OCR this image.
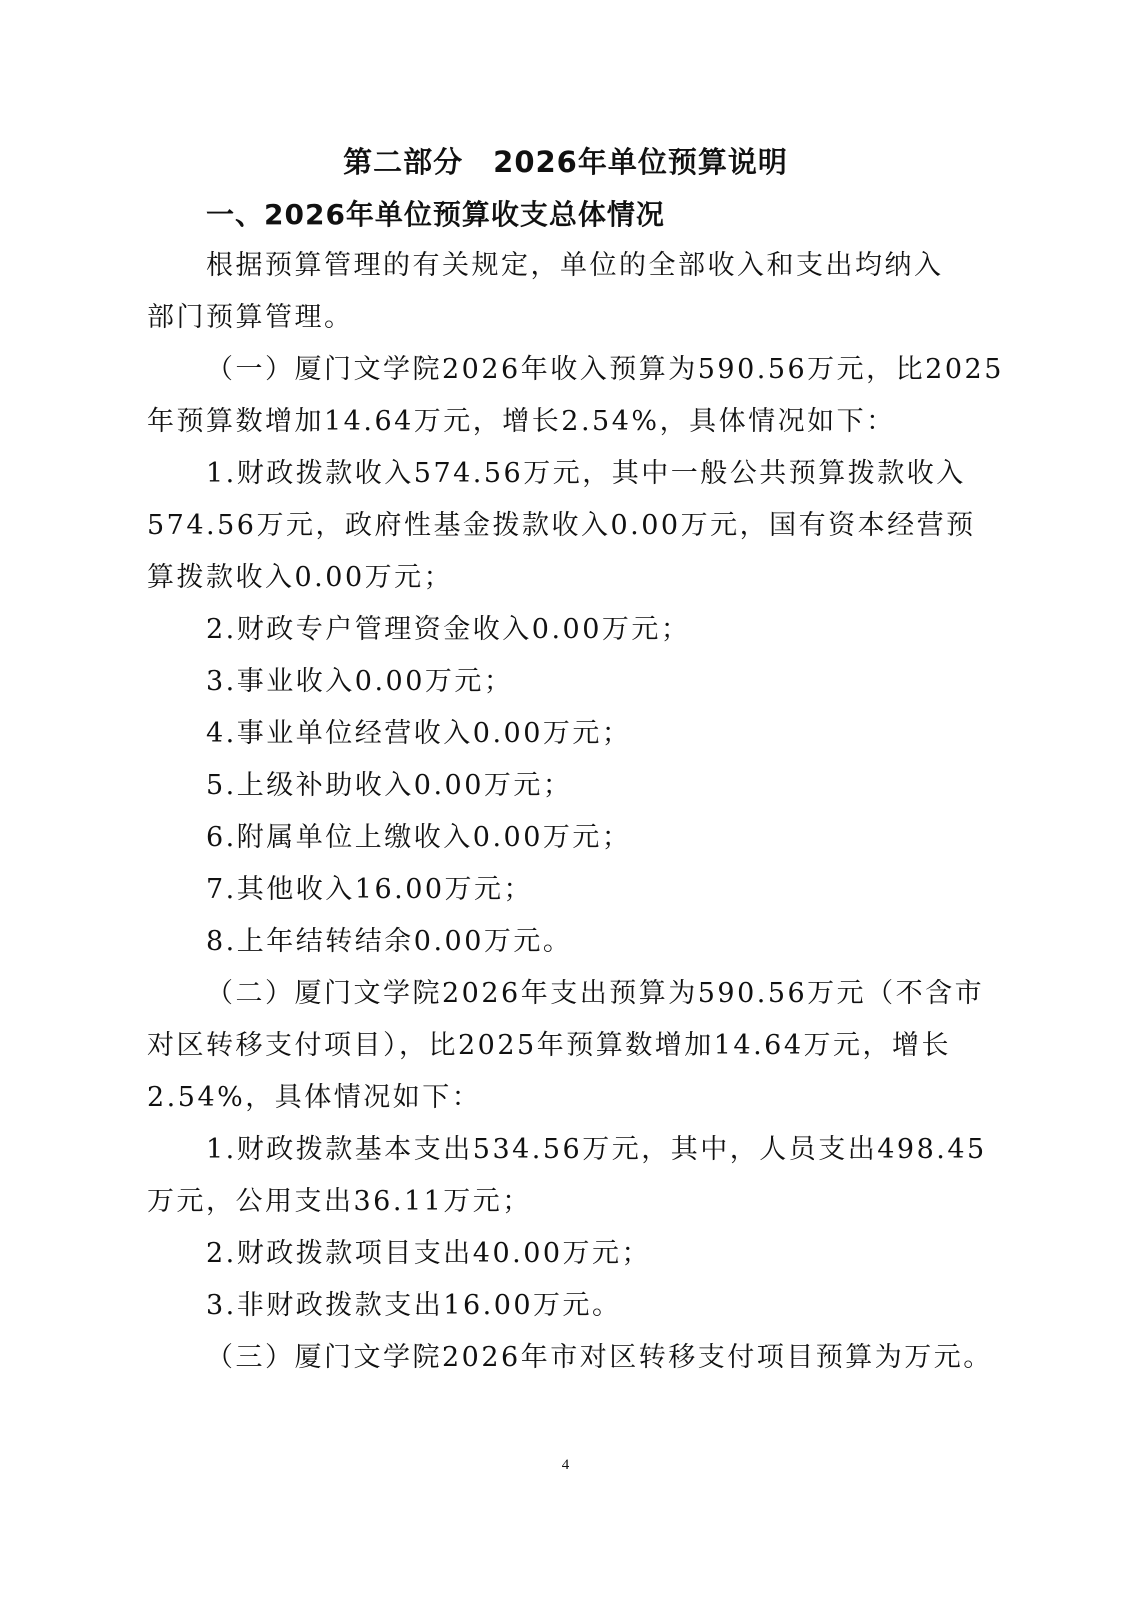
第二部分　2026年单位预算说明
一、2026年单位预算收支总体情况
根据预算管理的有关规定，单位的全部收入和支出均纳入
部门预算管理。
（一）厦门文学院2026年收入预算为590.56万元，比2025
年预算数增加14.64万元，增长2.54%，具体情况如下：
1.财政拨款收入574.56万元，其中一般公共预算拨款收入
574.56万元，政府性基金拨款收入0.00万元，国有资本经营预
算拨款收入0.00万元；
2.财政专户管理资金收入0.00万元；
3.事业收入0.00万元；
4.事业单位经营收入0.00万元；
5.上级补助收入0.00万元；
6.附属单位上缴收入0.00万元；
7.其他收入16.00万元；
8.上年结转结余0.00万元。
（二）厦门文学院2026年支出预算为590.56万元（不含市
对区转移支付项目），比2025年预算数增加14.64万元，增长
2.54%，具体情况如下：
1.财政拨款基本支出534.56万元，其中，人员支出498.45
万元，公用支出36.11万元；
2.财政拨款项目支出40.00万元；
3.非财政拨款支出16.00万元。
（三）厦门文学院2026年市对区转移支付项目预算为万元。
4
